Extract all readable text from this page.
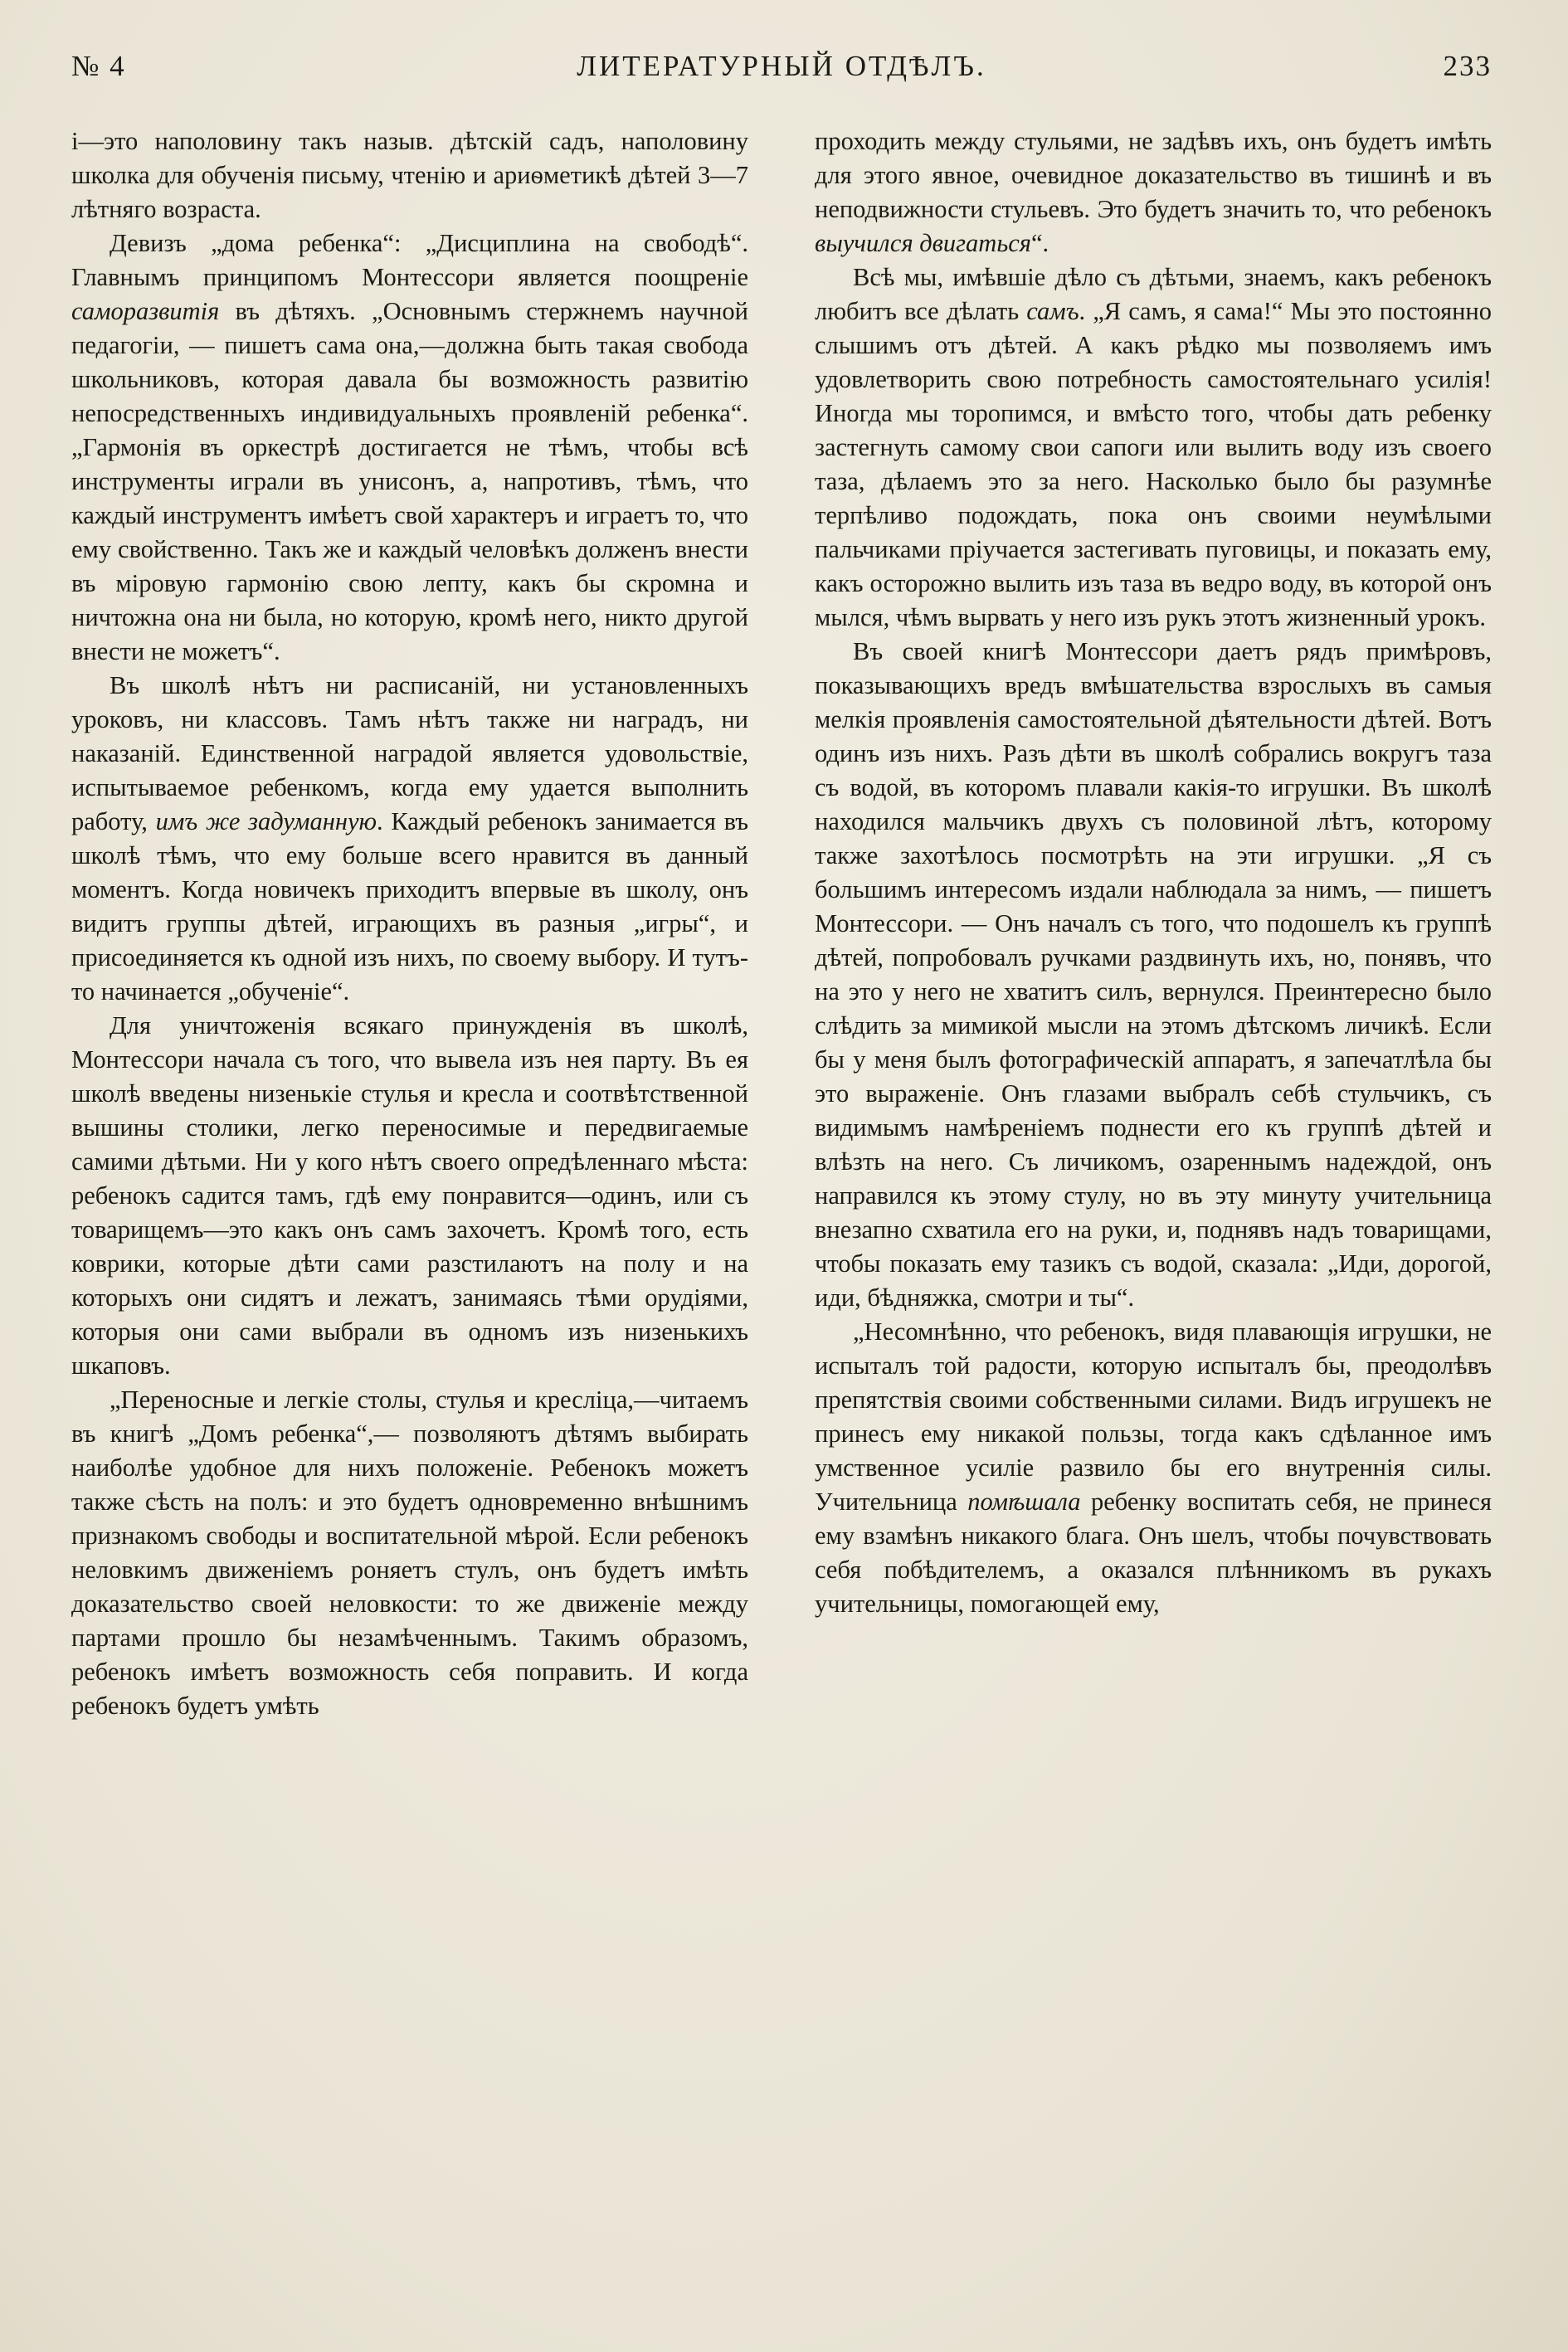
№ 4	ЛИТЕРАТУРНЫЙ ОТДѢЛЪ.	233

i—это наполовину такъ назыв. дѣтскій садъ, наполовину школка для обученія письму, чтенію и ариѳметикѣ дѣтей 3—7 лѣтняго возраста.

Девизъ „дома ребенка“: „Дисциплина на свободѣ“. Главнымъ принципомъ Монтессори является поощреніе саморазвитія въ дѣтяхъ. „Основнымъ стержнемъ научной педагогіи, — пишетъ сама она,—должна быть такая свобода школьниковъ, которая давала бы возможность развитію непосредственныхъ индивидуальныхъ проявленій ребенка“. „Гармонія въ оркестрѣ достигается не тѣмъ, чтобы всѣ инструменты играли въ унисонъ, а, напротивъ, тѣмъ, что каждый инструментъ имѣетъ свой характеръ и играетъ то, что ему свойственно. Такъ же и каждый человѣкъ долженъ внести въ міровую гармонію свою лепту, какъ бы скромна и ничтожна она ни была, но которую, кромѣ него, никто другой внести не можетъ“.

Въ школѣ нѣтъ ни расписаній, ни установленныхъ уроковъ, ни классовъ. Тамъ нѣтъ также ни наградъ, ни наказаній. Единственной наградой является удовольствіе, испытываемое ребенкомъ, когда ему удается выполнить работу, имъ же задуманную. Каждый ребенокъ занимается въ школѣ тѣмъ, что ему больше всего нравится въ данный моментъ. Когда новичекъ приходитъ впервые въ школу, онъ видитъ группы дѣтей, играющихъ въ разныя „игры“, и присоединяется къ одной изъ нихъ, по своему выбору. И тутъ-то начинается „обученіе“.

Для уничтоженія всякаго принужденія въ школѣ, Монтессори начала съ того, что вывела изъ нея парту. Въ ея школѣ введены низенькіе стулья и кресла и соотвѣтственной вышины столики, легко переносимые и передвигаемые самими дѣтьми. Ни у кого нѣтъ своего опредѣленнаго мѣста: ребенокъ садится тамъ, гдѣ ему понравится—одинъ, или съ товарищемъ—это какъ онъ самъ захочетъ. Кромѣ того, есть коврики, которые дѣти сами разстилаютъ на полу и на которыхъ они сидятъ и лежатъ, занимаясь тѣми орудіями, которыя они сами выбрали въ одномъ изъ низенькихъ шкаповъ.

„Переносные и легкіе столы, стулья и кресліца,—читаемъ въ книгѣ „Домъ ребенка“,— позволяютъ дѣтямъ выбирать наиболѣе удобное для нихъ положеніе. Ребенокъ можетъ также сѣсть на полъ: и это будетъ одновременно внѣшнимъ признакомъ свободы и воспитательной мѣрой. Если ребенокъ неловкимъ движеніемъ роняетъ стулъ, онъ будетъ имѣть доказательство своей неловкости: то же движеніе между партами прошло бы незамѣченнымъ. Такимъ образомъ, ребенокъ имѣетъ возможность себя поправить. И когда ребенокъ будетъ умѣть

проходить между стульями, не задѣвъ ихъ, онъ будетъ имѣть для этого явное, очевидное доказательство въ тишинѣ и въ неподвижности стульевъ. Это будетъ значить то, что ребенокъ выучился двигаться“.

Всѣ мы, имѣвшіе дѣло съ дѣтьми, знаемъ, какъ ребенокъ любитъ все дѣлать самъ. „Я самъ, я сама!“ Мы это постоянно слышимъ отъ дѣтей. А какъ рѣдко мы позволяемъ имъ удовлетворить свою потребность самостоятельнаго усилія! Иногда мы торопимся, и вмѣсто того, чтобы дать ребенку застегнуть самому свои сапоги или вылить воду изъ своего таза, дѣлаемъ это за него. Насколько было бы разумнѣе терпѣливо подождать, пока онъ своими неумѣлыми пальчиками пріучается застегивать пуговицы, и показать ему, какъ осторожно вылить изъ таза въ ведро воду, въ которой онъ мылся, чѣмъ вырвать у него изъ рукъ этотъ жизненный урокъ.

Въ своей книгѣ Монтессори даетъ рядъ примѣровъ, показывающихъ вредъ вмѣшательства взрослыхъ въ самыя мелкія проявленія самостоятельной дѣятельности дѣтей. Вотъ одинъ изъ нихъ. Разъ дѣти въ школѣ собрались вокругъ таза съ водой, въ которомъ плавали какія-то игрушки. Въ школѣ находился мальчикъ двухъ съ половиной лѣтъ, которому также захотѣлось посмотрѣть на эти игрушки. „Я съ большимъ интересомъ издали наблюдала за нимъ, — пишетъ Монтессори. — Онъ началъ съ того, что подошелъ къ группѣ дѣтей, попробовалъ ручками раздвинуть ихъ, но, понявъ, что на это у него не хватитъ силъ, вернулся. Преинтересно было слѣдить за мимикой мысли на этомъ дѣтскомъ личикѣ. Если бы у меня былъ фотографическій аппаратъ, я запечатлѣла бы это выраженіе. Онъ глазами выбралъ себѣ стульчикъ, съ видимымъ намѣреніемъ поднести его къ группѣ дѣтей и влѣзть на него. Съ личикомъ, озареннымъ надеждой, онъ направился къ этому стулу, но въ эту минуту учительница внезапно схватила его на руки, и, поднявъ надъ товарищами, чтобы показать ему тазикъ съ водой, сказала: „Иди, дорогой, иди, бѣдняжка, смотри и ты“.

„Несомнѣнно, что ребенокъ, видя плавающія игрушки, не испыталъ той радости, которую испыталъ бы, преодолѣвъ препятствія своими собственными силами. Видъ игрушекъ не принесъ ему никакой пользы, тогда какъ сдѣланное имъ умственное усиліе развило бы его внутреннія силы. Учительница помѣшала ребенку воспитать себя, не принеся ему взамѣнъ никакого блага. Онъ шелъ, чтобы почувствовать себя побѣдителемъ, а оказался плѣнникомъ въ рукахъ учительницы, помогающей ему,
